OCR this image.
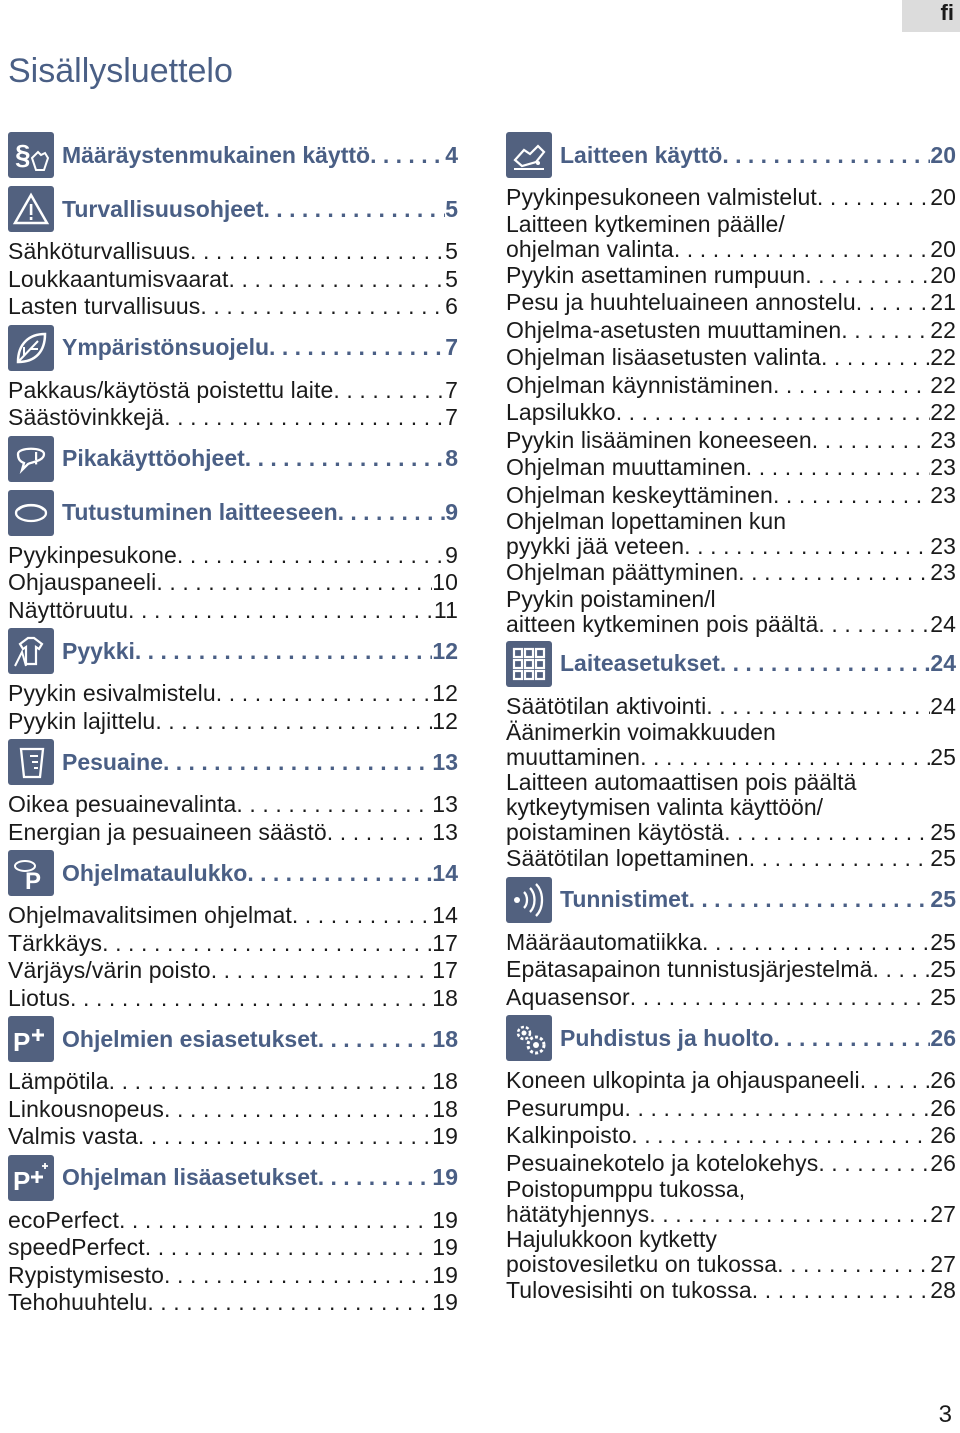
fi
Sisällysluettelo
§ Määräystenmukainen käyttö . . .	4
Turvallisuusohjeet . . .	5
Sähköturvallisuus . . .	5
Loukkaantumisvaarat . . .	5
Lasten turvallisuus . . .	6
Ympäristönsuojelu . . .	7
Pakkaus/käytöstä poistettu laite . . .	7
Säästövinkkejä . . .	7
Pikakäyttöohjeet . . .	8
Tutustuminen laitteeseen . . .	9
Pyykinpesukone . . .	9
Ohjauspaneeli . . .	10
Näyttöruutu . . .	11
Pyykki . . .	12
Pyykin esivalmistelu . . .	12
Pyykin lajittelu . . .	12
Pesuaine . . .	13
Oikea pesuainevalinta . . .	13
Energian ja pesuaineen säästö . . .	13
P Ohjelmataulukko . . .	14
Ohjelmavalitsimen ohjelmat . . .	14
Tärkkäys . . .	17
Värjäys/värin poisto . . .	17
Liotus . . .	18
P Ohjelmien esiasetukset . . .	18
Lämpötila . . .	18
Linkousnopeus . . .	18
Valmis vasta . . .	19
P Ohjelman lisäasetukset . . .	19
ecoPerfect . . .	19
speedPerfect . . .	19
Rypistymisesto . . .	19
Tehohuuhtelu . . .	19
Laitteen käyttö . . .	20
Pyykinpesukoneen valmistelut . . .	20
Laitteen kytkeminen päälle/
ohjelman valinta . . .	20
Pyykin asettaminen rumpuun . . .	20
Pesu ja huuhteluaineen annostelu . . .	21
Ohjelma-asetusten muuttaminen . . .	22
Ohjelman lisäasetusten valinta . . .	22
Ohjelman käynnistäminen . . .	22
Lapsilukko . . .	22
Pyykin lisääminen koneeseen . . .	23
Ohjelman muuttaminen . . .	23
Ohjelman keskeyttäminen . . .	23
Ohjelman lopettaminen kun
pyykki jää veteen . . .	23
Ohjelman päättyminen . . .	23
Pyykin poistaminen/l
aitteen kytkeminen pois päältä . . .	24
Laiteasetukset . . .	24
Säätötilan aktivointi . . .	24
Äänimerkin voimakkuuden
muuttaminen . . .	25
Laitteen automaattisen pois päältä
kytkeytymisen valinta käyttöön/
poistaminen käytöstä . . .	25
Säätötilan lopettaminen . . .	25
Tunnistimet . . .	25
Määräautomatiikka . . .	25
Epätasapainon tunnistusjärjestelmä . . .	25
Aquasensor . . .	25
Puhdistus ja huolto . . .	26
Koneen ulkopinta ja ohjauspaneeli . . .	26
Pesurumpu . . .	26
Kalkinpoisto . . .	26
Pesuainekotelo ja kotelokehys . . .	26
Poistopumppu tukossa,
hätätyhjennys . . .	27
Hajulukkoon kytketty
poistovesiletku on tukossa . . .	27
Tulovesisihti on tukossa . . .	28
3
